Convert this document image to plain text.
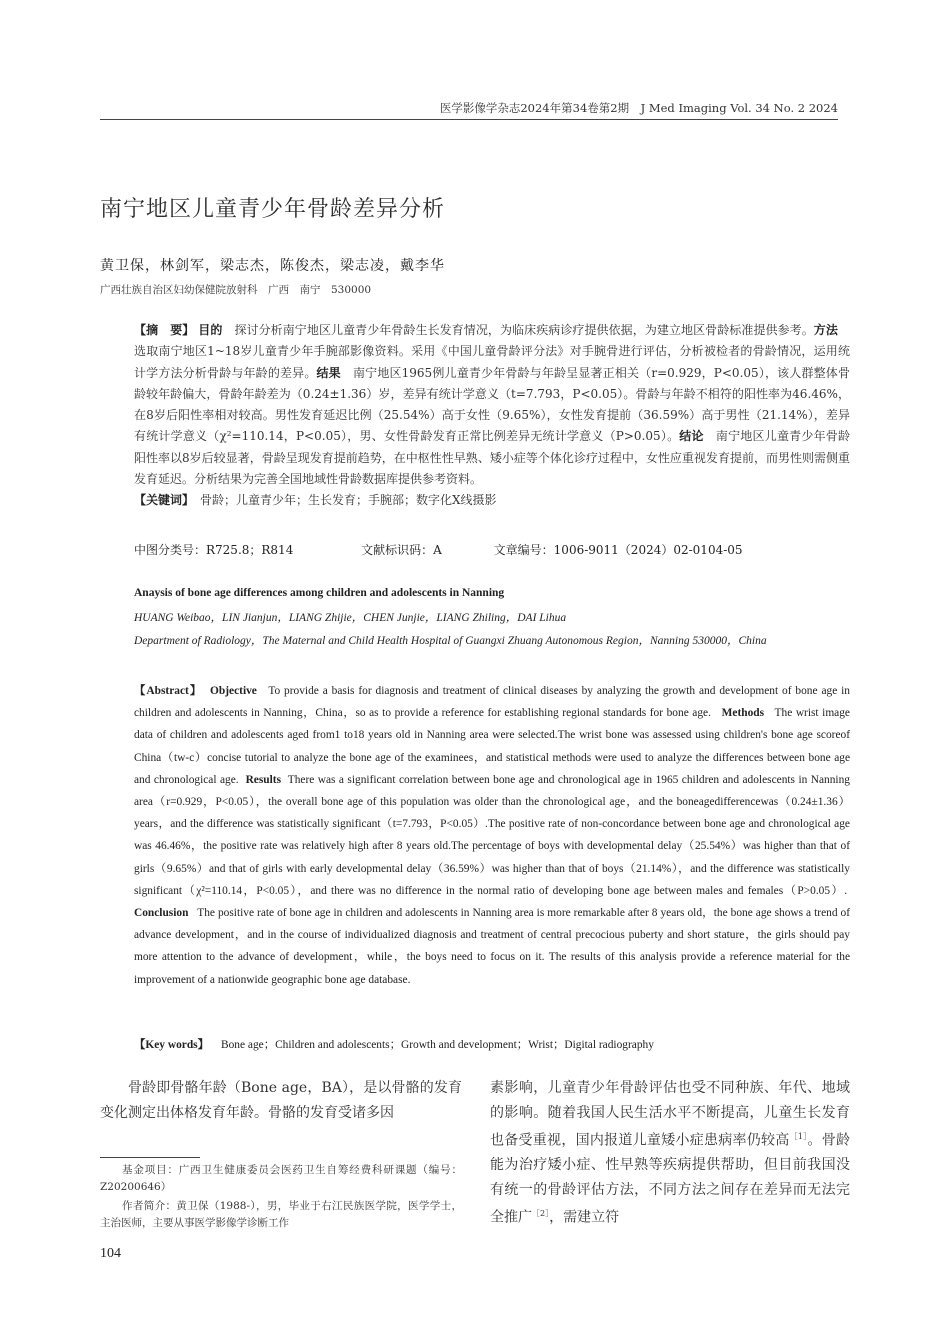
医学影像学杂志2024年第34卷第2期　J Med Imaging Vol. 34 No. 2 2024
南宁地区儿童青少年骨龄差异分析
黄卫保，林剑军，梁志杰，陈俊杰，梁志凌，戴李华
广西壮族自治区妇幼保健院放射科　广西　南宁　530000

【摘　要】 目的　探讨分析南宁地区儿童青少年骨龄生长发育情况，为临床疾病诊疗提供依据，为建立地区骨龄标准提供参考。方法　选取南宁地区1~18岁儿童青少年手腕部影像资料。采用《中国儿童骨龄评分法》对手腕骨进行评估，分析被检者的骨龄情况，运用统计学方法分析骨龄与年龄的差异。结果　南宁地区1965例儿童青少年骨龄与年龄呈显著正相关（r=0.929，P<0.05），该人群整体骨龄较年龄偏大，骨龄年龄差为（0.24±1.36）岁，差异有统计学意义（t=7.793，P<0.05）。骨龄与年龄不相符的阳性率为46.46%，在8岁后阳性率相对较高。男性发育延迟比例（25.54%）高于女性（9.65%），女性发育提前（36.59%）高于男性（21.14%），差异有统计学意义（χ²=110.14，P<0.05），男、女性骨龄发育正常比例差异无统计学意义（P>0.05）。结论　南宁地区儿童青少年骨龄阳性率以8岁后较显著，骨龄呈现发育提前趋势，在中枢性性早熟、矮小症等个体化诊疗过程中，女性应重视发育提前，而男性则需侧重发育延迟。分析结果为完善全国地域性骨龄数据库提供参考资料。

【关键词】　骨龄；儿童青少年；生长发育；手腕部；数字化X线摄影

中图分类号：R725.8；R814	文献标识码：A	文章编号：1006-9011（2024）02-0104-05
Anaysis of bone age differences among children and adolescents in Nanning
HUANG Weibao，LIN Jianjun，LIANG Zhijie，CHEN Junjie，LIANG Zhiling，DAI Lihua
Department of Radiology，The Maternal and Child Health Hospital of Guangxi Zhuang Autonomous Region，Nanning 530000，China
【Abstract】 Objective To provide a basis for diagnosis and treatment of clinical diseases by analyzing the growth and development of bone age in children and adolescents in Nanning，China，so as to provide a reference for establishing regional standards for bone age. Methods The wrist image data of children and adolescents aged from1 to18 years old in Nanning area were selected.The wrist bone was assessed using children's bone age scoreof China（tw-c）concise tutorial to analyze the bone age of the examinees，and statistical methods were used to analyze the differences between bone age and chronological age. Results There was a significant correlation between bone age and chronological age in 1965 children and adolescents in Nanning area（r=0.929，P<0.05），the overall bone age of this population was older than the chronological age，and the boneagedifferencewas（0.24±1.36）years，and the difference was statistically significant（t=7.793，P<0.05）.The positive rate of non-concordance between bone age and chronological age was 46.46%，the positive rate was relatively high after 8 years old.The percentage of boys with developmental delay（25.54%）was higher than that of girls（9.65%）and that of girls with early developmental delay（36.59%）was higher than that of boys（21.14%），and the difference was statistically significant（χ²=110.14，P<0.05），and there was no difference in the normal ratio of developing bone age between males and females（P>0.05）.  Conclusion The positive rate of bone age in children and adolescents in Nanning area is more remarkable after 8 years old，the bone age shows a trend of advance development，and in the course of individualized diagnosis and treatment of central precocious puberty and short stature，the girls should pay more attention to the advance of development，while，the boys need to focus on it. The results of this analysis provide a reference material for the improvement of a nationwide geographic bone age database.
【Key words】 Bone age；Children and adolescents；Growth and development；Wrist；Digital radiography
骨龄即骨骼年龄（Bone age，BA），是以骨骼的发育变化测定出体格发育年龄。骨骼的发育受诸多因
素影响，儿童青少年骨龄评估也受不同种族、年代、地域的影响。随着我国人民生活水平不断提高，儿童生长发育也备受重视，国内报道儿童矮小症患病率仍较高$^{[1]}$。骨龄能为治疗矮小症、性早熟等疾病提供帮助，但目前我国没有统一的骨龄评估方法，不同方法之间存在差异而无法完全推广$^{[2]}$，需建立符
基金项目：广西卫生健康委员会医药卫生自筹经费科研课题（编号：Z20200646）
作者简介：黄卫保（1988-），男，毕业于右江民族医学院，医学学士，主治医师，主要从事医学影像学诊断工作
104
